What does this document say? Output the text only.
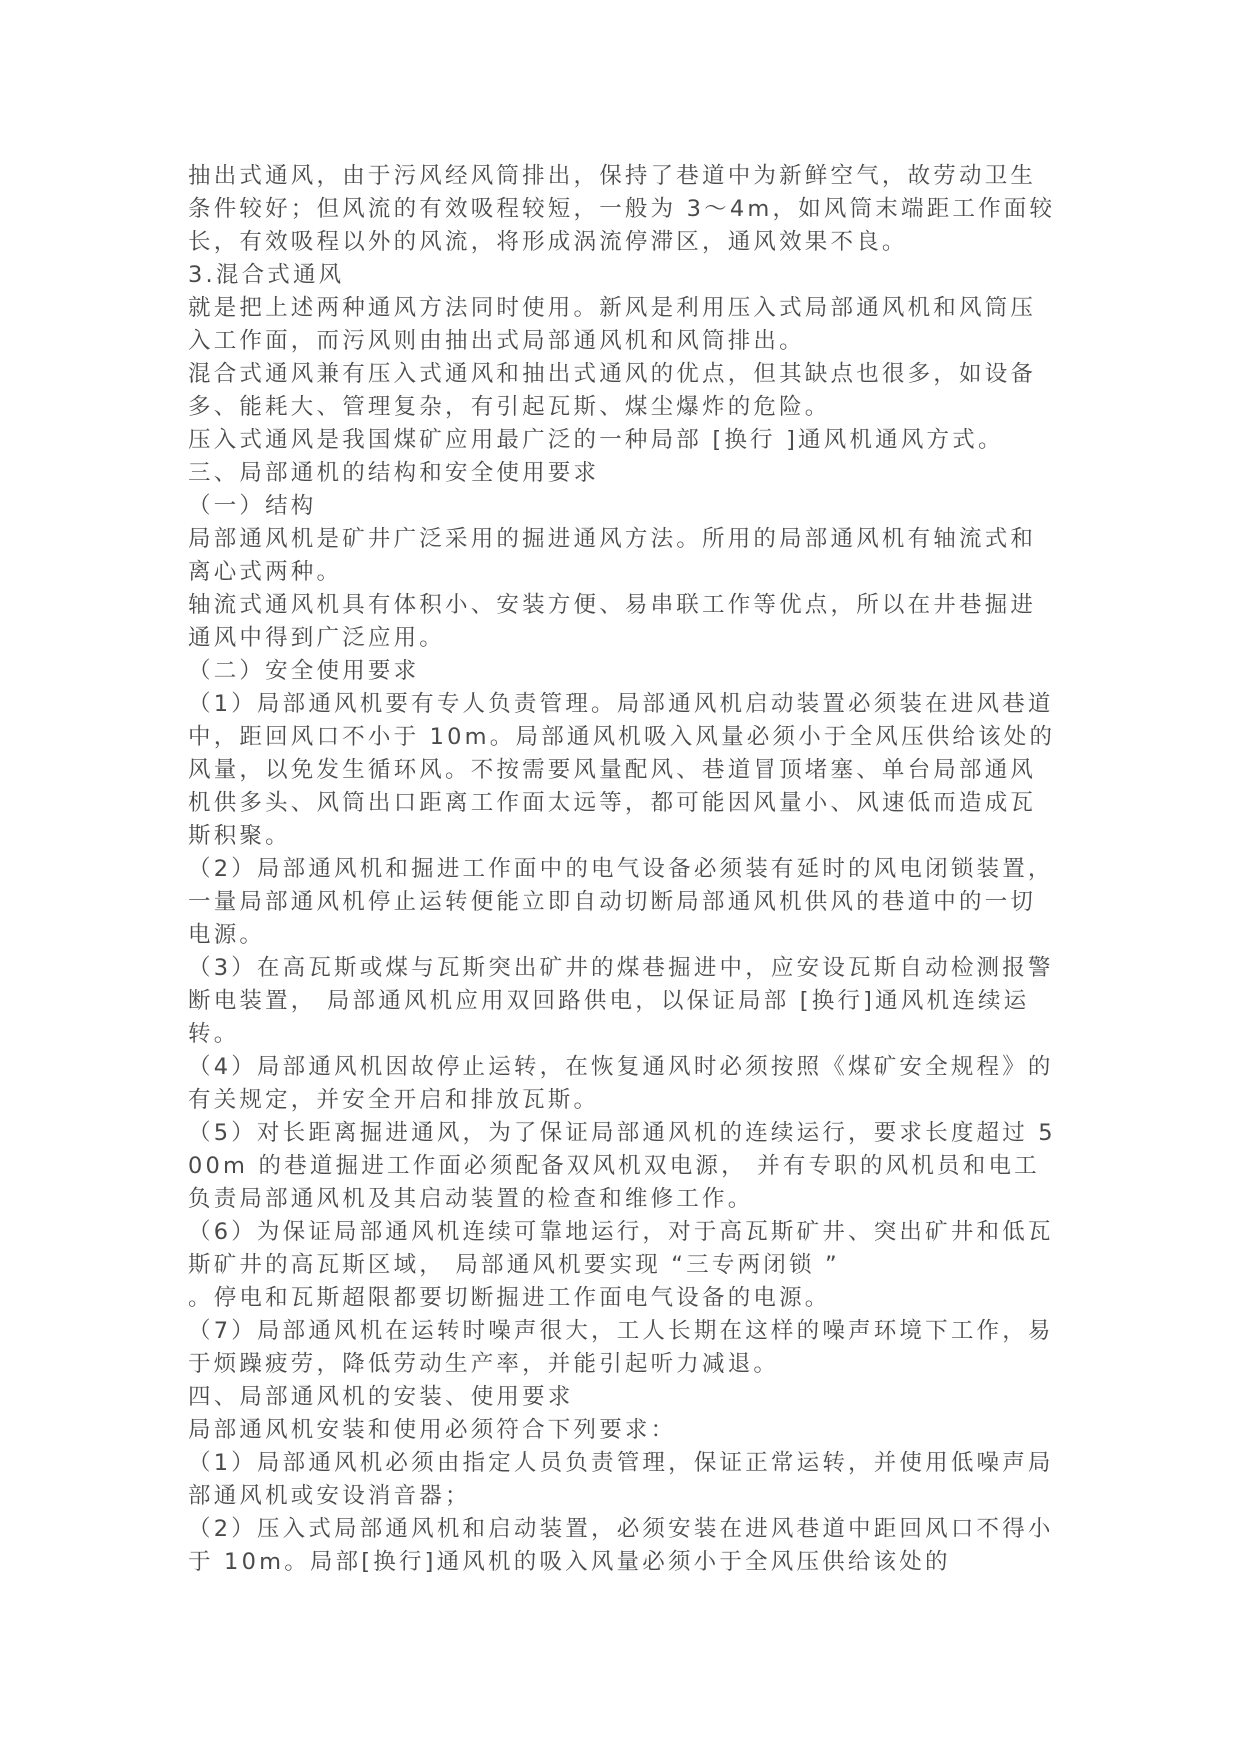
抽出式通风，由于污风经风筒排出，保持了巷道中为新鲜空气，故劳动卫生条件较好；但风流的有效吸程较短，一般为 3～4m，如风筒末端距工作面较长，有效吸程以外的风流，将形成涡流停滞区，通风效果不良。

3.混合式通风

就是把上述两种通风方法同时使用。新风是利用压入式局部通风机和风筒压入工作面，而污风则由抽出式局部通风机和风筒排出。

混合式通风兼有压入式通风和抽出式通风的优点，但其缺点也很多，如设备多、能耗大、管理复杂，有引起瓦斯、煤尘爆炸的危险。

压入式通风是我国煤矿应用最广泛的一种局部 [换行 ]通风机通风方式。

三、局部通机的结构和安全使用要求

（一）结构

局部通风机是矿井广泛采用的掘进通风方法。所用的局部通风机有轴流式和离心式两种。

轴流式通风机具有体积小、安装方便、易串联工作等优点，所以在井巷掘进通风中得到广泛应用。

（二）安全使用要求

（1）局部通风机要有专人负责管理。局部通风机启动装置必须装在进风巷道中，距回风口不小于 10m。局部通风机吸入风量必须小于全风压供给该处的风量，以免发生循环风。不按需要风量配风、巷道冒顶堵塞、单台局部通风机供多头、风筒出口距离工作面太远等，都可能因风量小、风速低而造成瓦斯积聚。

（2）局部通风机和掘进工作面中的电气设备必须装有延时的风电闭锁装置，一量局部通风机停止运转便能立即自动切断局部通风机供风的巷道中的一切电源。

（3）在高瓦斯或煤与瓦斯突出矿井的煤巷掘进中，应安设瓦斯自动检测报警断电装置， 局部通风机应用双回路供电，以保证局部 [换行]通风机连续运转。

（4）局部通风机因故停止运转，在恢复通风时必须按照《煤矿安全规程》的有关规定，并安全开启和排放瓦斯。

（5）对长距离掘进通风，为了保证局部通风机的连续运行，要求长度超过 500m 的巷道掘进工作面必须配备双风机双电源， 并有专职的风机员和电工负责局部通风机及其启动装置的检查和维修工作。

（6）为保证局部通风机连续可靠地运行，对于高瓦斯矿井、突出矿井和低瓦斯矿井的高瓦斯区域， 局部通风机要实现 “三专两闭锁 ”

。停电和瓦斯超限都要切断掘进工作面电气设备的电源。

（7）局部通风机在运转时噪声很大，工人长期在这样的噪声环境下工作，易于烦躁疲劳，降低劳动生产率，并能引起听力减退。

四、局部通风机的安装、使用要求

局部通风机安装和使用必须符合下列要求：

（1）局部通风机必须由指定人员负责管理，保证正常运转，并使用低噪声局部通风机或安设消音器；

（2）压入式局部通风机和启动装置，必须安装在进风巷道中距回风口不得小于 10m。局部[换行]通风机的吸入风量必须小于全风压供给该处的
